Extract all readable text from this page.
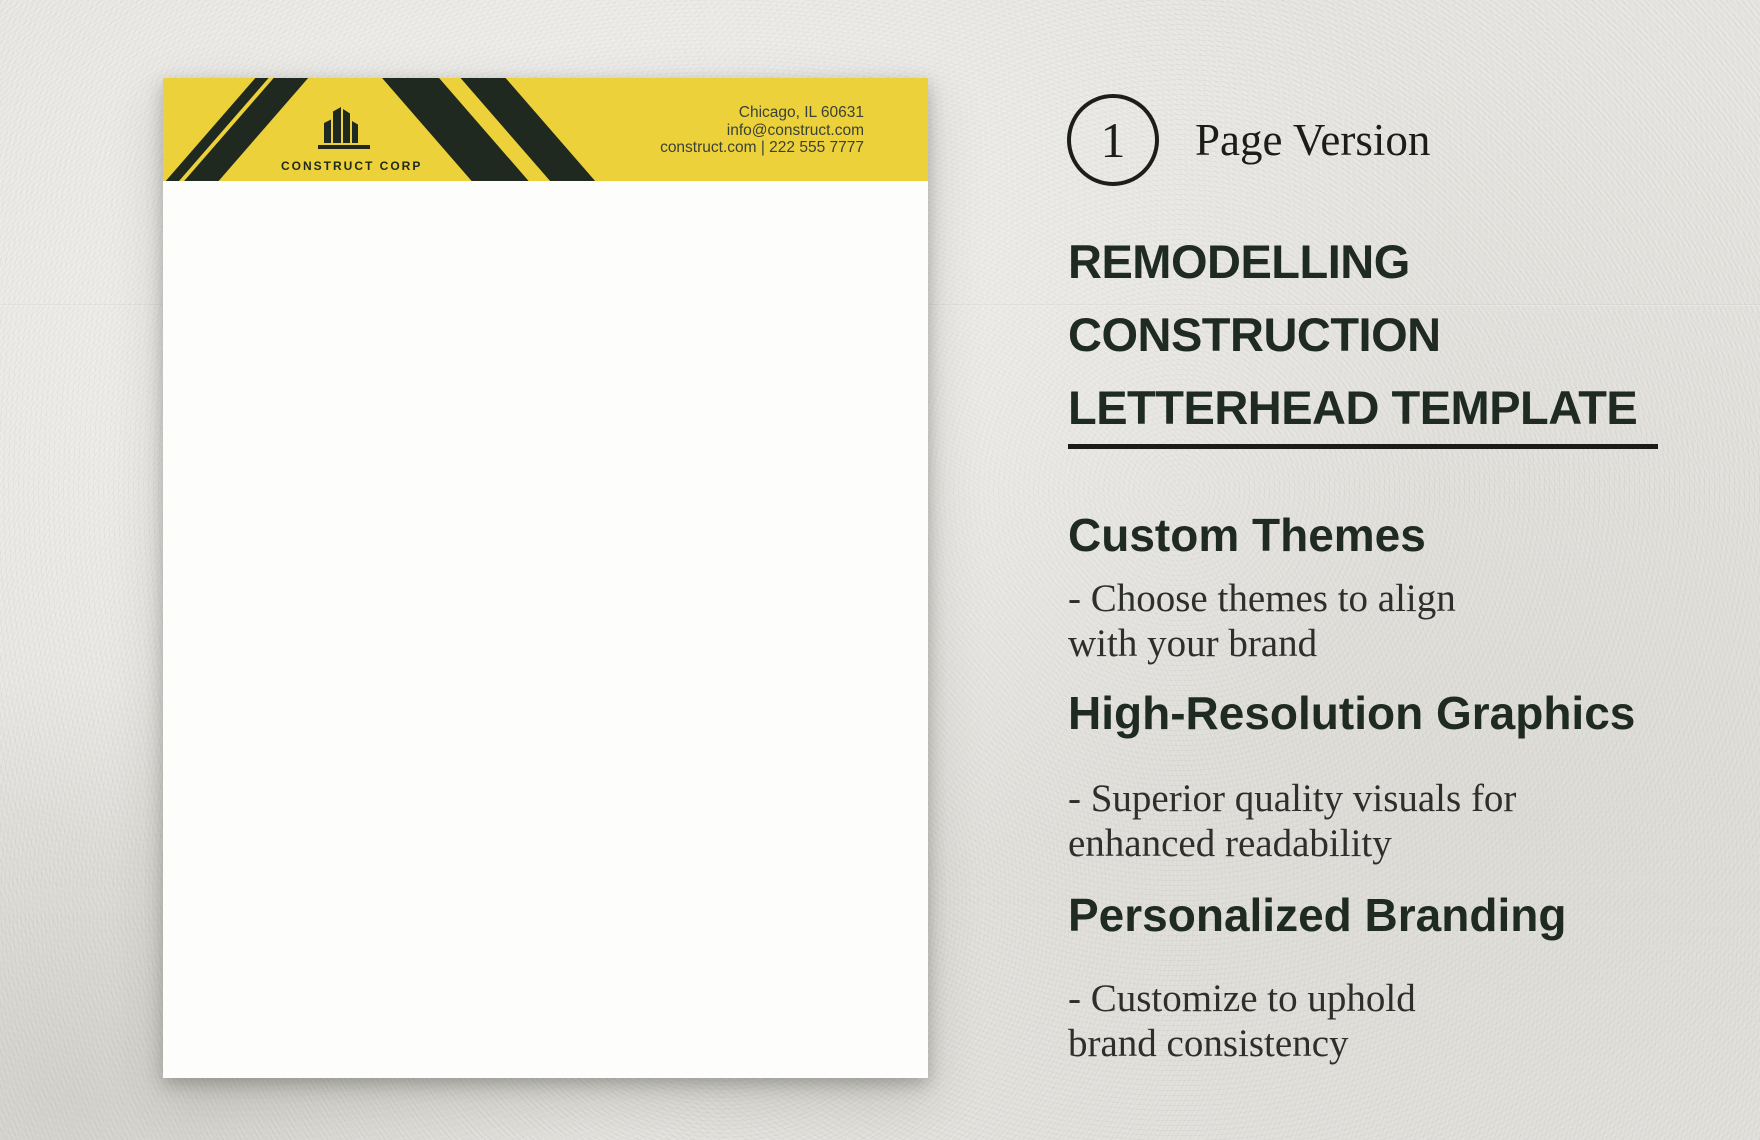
CONSTRUCT CORP
Chicago, IL 60631
info@construct.com
construct.com | 222 555 7777	1 Page Version
REMODELLING
CONSTRUCTION
LETTERHEAD TEMPLATE
Custom Themes
- Choose themes to align
with your brand
High-Resolution Graphics
- Superior quality visuals for
enhanced readability
Personalized Branding
- Customize to uphold
brand consistency
